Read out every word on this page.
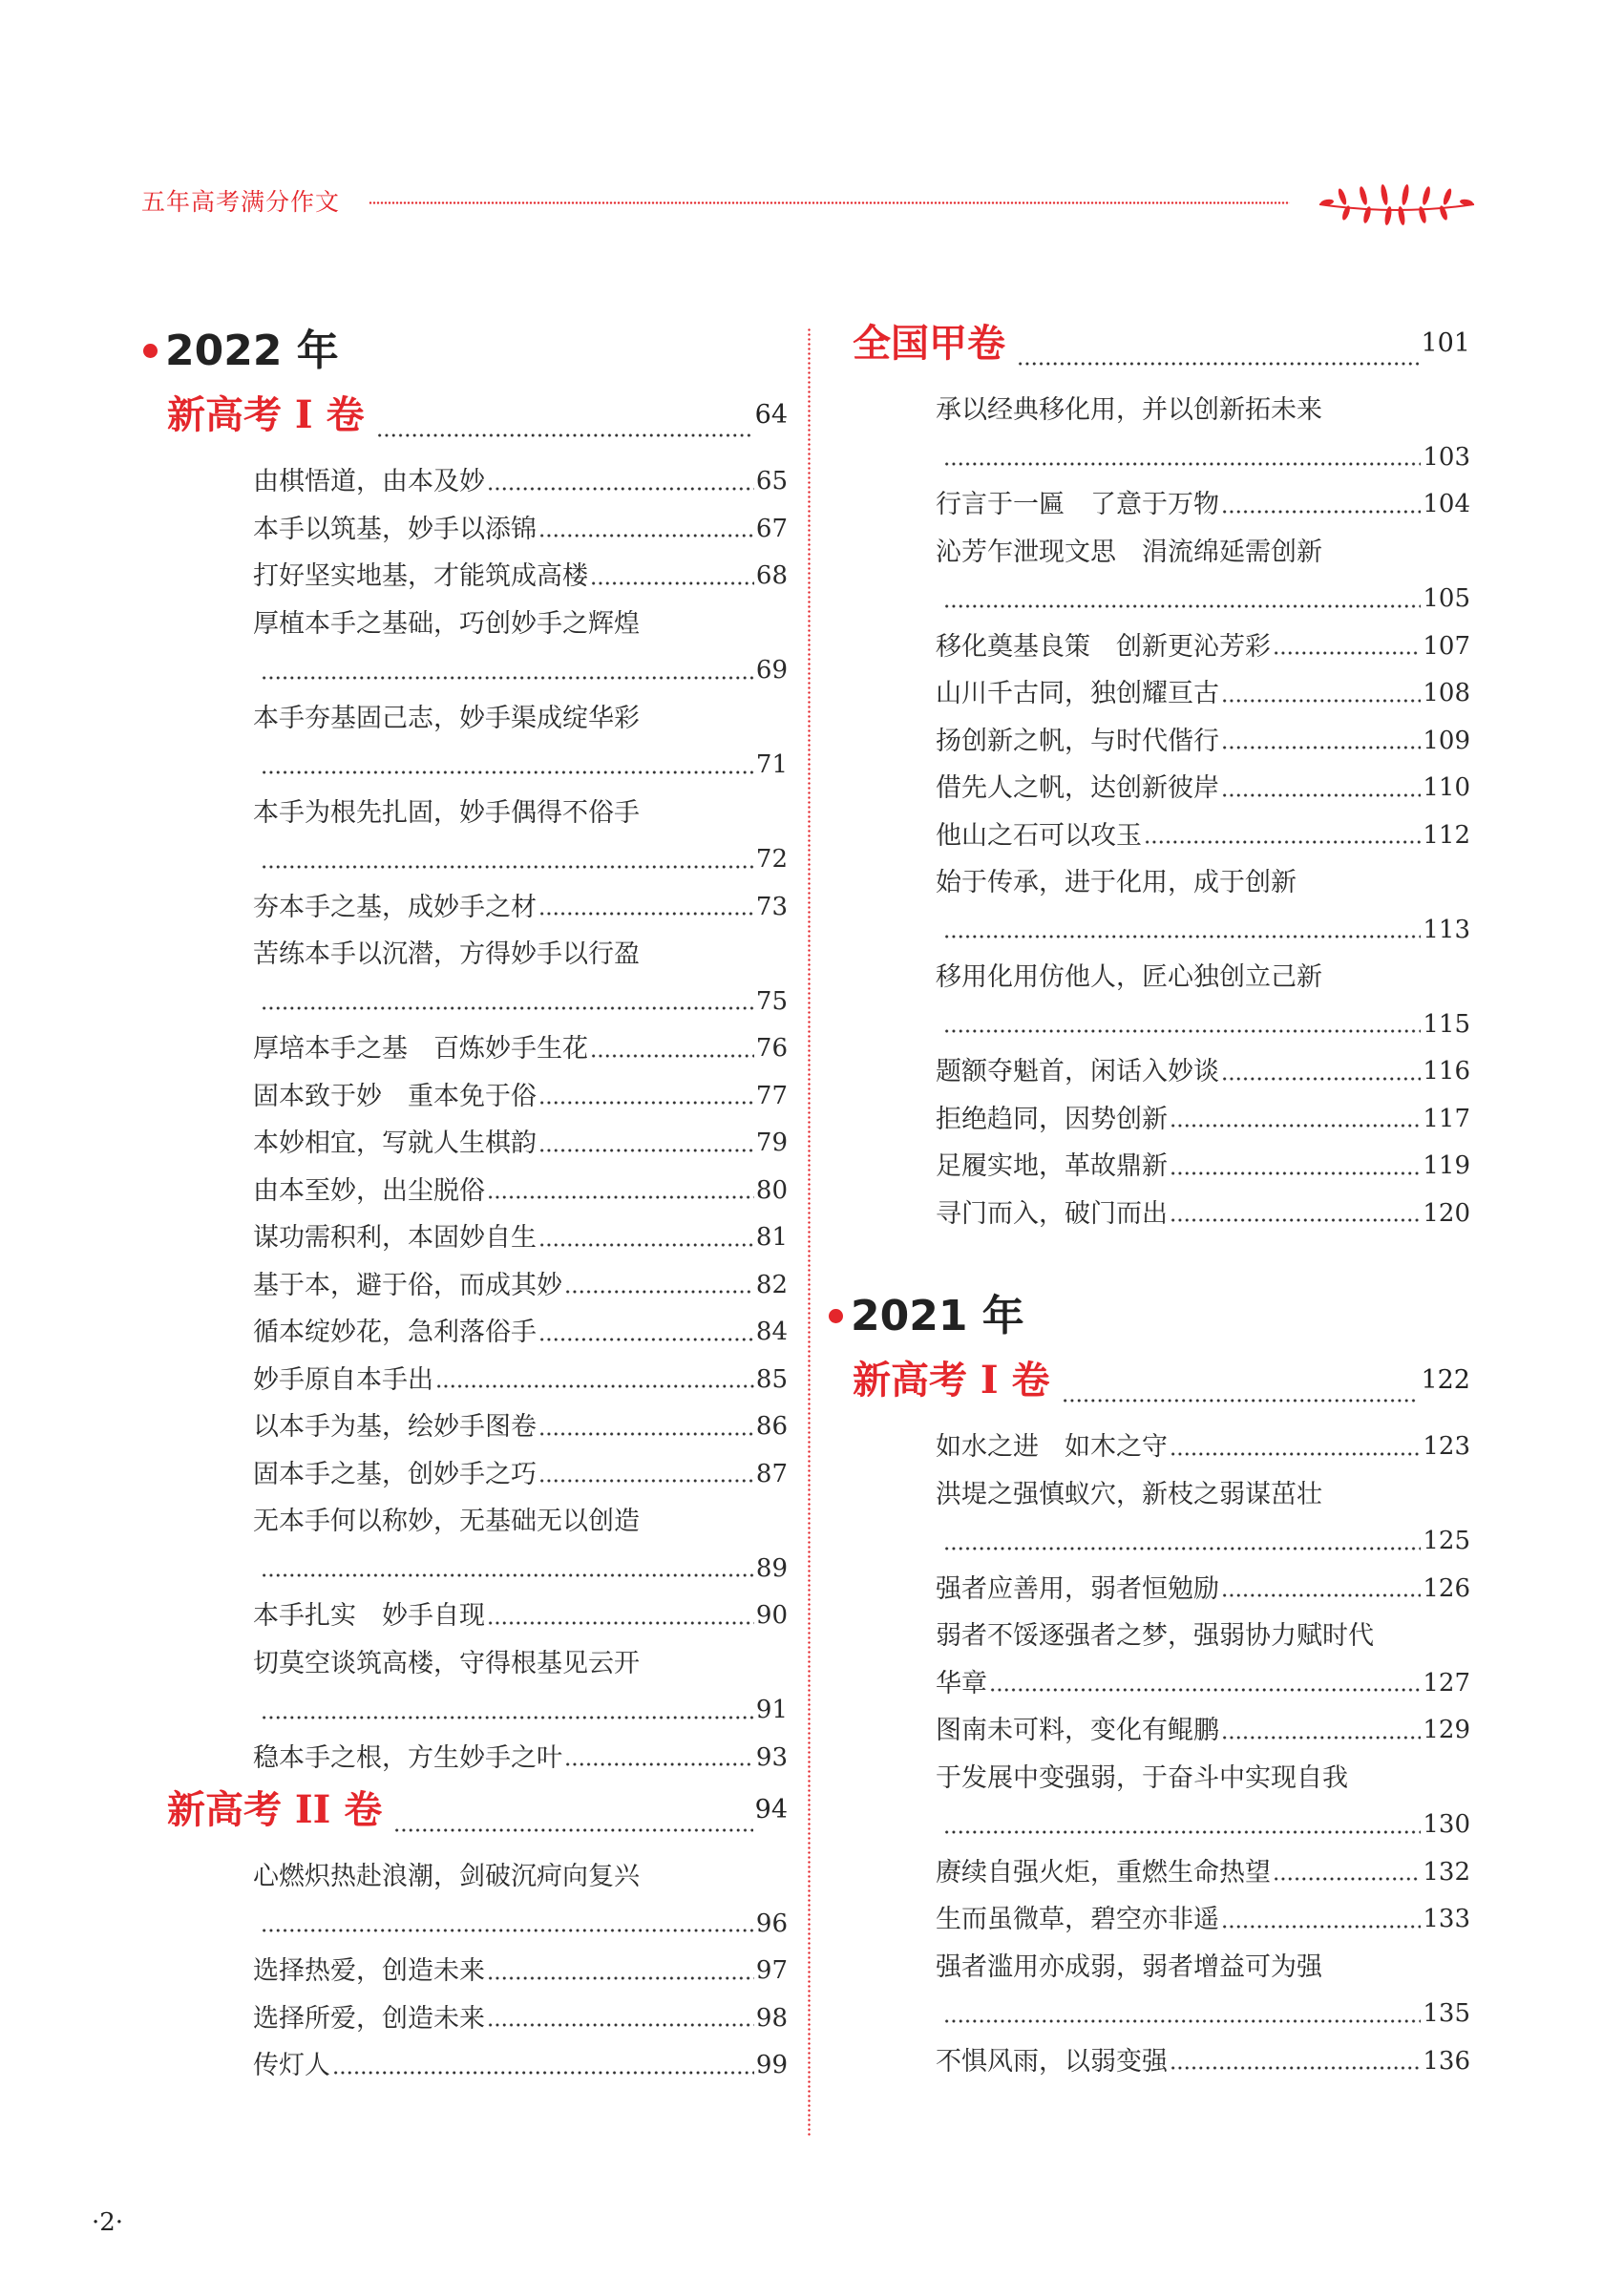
五年高考满分作文
2022 年
新高考 I 卷	64
由棋悟道，由本及妙	65
本手以筑基，妙手以添锦	67
打好坚实地基，才能筑成高楼	68
厚植本手之基础，巧创妙手之辉煌
69
本手夯基固己志，妙手渠成绽华彩
71
本手为根先扎固，妙手偶得不俗手
72
夯本手之基，成妙手之材	73
苦练本手以沉潜，方得妙手以行盈
75
厚培本手之基　百炼妙手生花	76
固本致于妙　重本免于俗	77
本妙相宜，写就人生棋韵	79
由本至妙，出尘脱俗	80
谋功需积利，本固妙自生	81
基于本，避于俗，而成其妙	82
循本绽妙花，急利落俗手	84
妙手原自本手出	85
以本手为基，绘妙手图卷	86
固本手之基，创妙手之巧	87
无本手何以称妙，无基础无以创造
89
本手扎实　妙手自现	90
切莫空谈筑高楼，守得根基见云开
91
稳本手之根，方生妙手之叶	93
新高考 II 卷	94
心燃炽热赴浪潮，剑破沉疴向复兴
96
选择热爱，创造未来	97
选择所爱，创造未来	98
传灯人	99
全国甲卷	101
承以经典移化用，并以创新拓未来
103
行言于一匾　了意于万物	104
沁芳乍泄现文思　涓流绵延需创新
105
移化奠基良策　创新更沁芳彩	107
山川千古同，独创耀亘古	108
扬创新之帆，与时代偕行	109
借先人之帆，达创新彼岸	110
他山之石可以攻玉	112
始于传承，进于化用，成于创新
113
移用化用仿他人，匠心独创立己新
115
题额夺魁首，闲话入妙谈	116
拒绝趋同，因势创新	117
足履实地，革故鼎新	119
寻门而入，破门而出	120
2021 年
新高考 I 卷	122
如水之进　如木之守	123
洪堤之强慎蚁穴，新枝之弱谋茁壮
125
强者应善用，弱者恒勉励	126
弱者不馁逐强者之梦，强弱协力赋时代
华章	127
图南未可料，变化有鲲鹏	129
于发展中变强弱，于奋斗中实现自我
130
赓续自强火炬，重燃生命热望	132
生而虽微草，碧空亦非遥	133
强者滥用亦成弱，弱者增益可为强
135
不惧风雨，以弱变强	136
·2·
